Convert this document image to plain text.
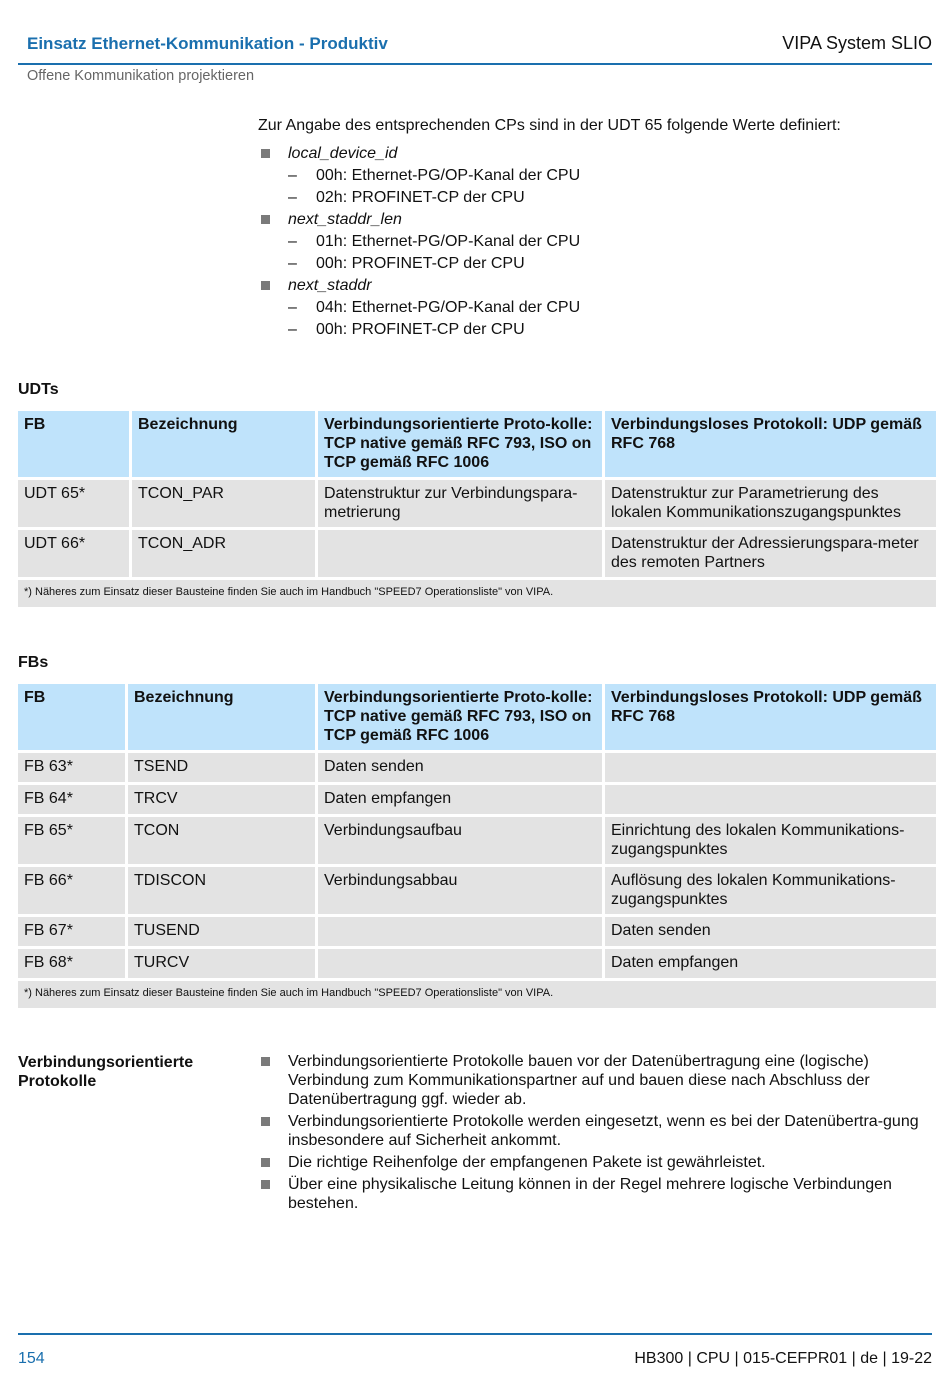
Einsatz Ethernet-Kommunikation - Produktiv	VIPA System SLIO
Offene Kommunikation projektieren
Zur Angabe des entsprechenden CPs sind in der UDT 65 folgende Werte definiert:
local_device_id
– 00h: Ethernet-PG/OP-Kanal der CPU
– 02h: PROFINET-CP der CPU
next_staddr_len
– 01h: Ethernet-PG/OP-Kanal der CPU
– 00h: PROFINET-CP der CPU
next_staddr
– 04h: Ethernet-PG/OP-Kanal der CPU
– 00h: PROFINET-CP der CPU
UDTs
FB	Bezeichnung	Verbindungsorientierte Proto-kolle: TCP native gemäß RFC 793, ISO on TCP gemäß RFC 1006	Verbindungsloses Protokoll: UDP gemäß RFC 768
UDT 65*	TCON_PAR	Datenstruktur zur Verbindungspara-metrierung	Datenstruktur zur Parametrierung des lokalen Kommunikationszugangspunktes
UDT 66*	TCON_ADR		Datenstruktur der Adressierungspara-meter des remoten Partners
*) Näheres zum Einsatz dieser Bausteine finden Sie auch im Handbuch "SPEED7 Operationsliste" von VIPA.			
FBs
FB	Bezeichnung	Verbindungsorientierte Proto-kolle: TCP native gemäß RFC 793, ISO on TCP gemäß RFC 1006	Verbindungsloses Protokoll: UDP gemäß RFC 768
FB 63*	TSEND	Daten senden	
FB 64*	TRCV	Daten empfangen	
FB 65*	TCON	Verbindungsaufbau	Einrichtung des lokalen Kommunikations-zugangspunktes
FB 66*	TDISCON	Verbindungsabbau	Auflösung des lokalen Kommunikations-zugangspunktes
FB 67*	TUSEND		Daten senden
FB 68*	TURCV		Daten empfangen
*) Näheres zum Einsatz dieser Bausteine finden Sie auch im Handbuch "SPEED7 Operationsliste" von VIPA.			
Verbindungsorientierte Protokolle
Verbindungsorientierte Protokolle bauen vor der Datenübertragung eine (logische) Verbindung zum Kommunikationspartner auf und bauen diese nach Abschluss der Datenübertragung ggf. wieder ab.
Verbindungsorientierte Protokolle werden eingesetzt, wenn es bei der Datenübertra-gung insbesondere auf Sicherheit ankommt.
Die richtige Reihenfolge der empfangenen Pakete ist gewährleistet.
Über eine physikalische Leitung können in der Regel mehrere logische Verbindungen bestehen.
154	HB300 | CPU | 015-CEFPR01 | de | 19-22
